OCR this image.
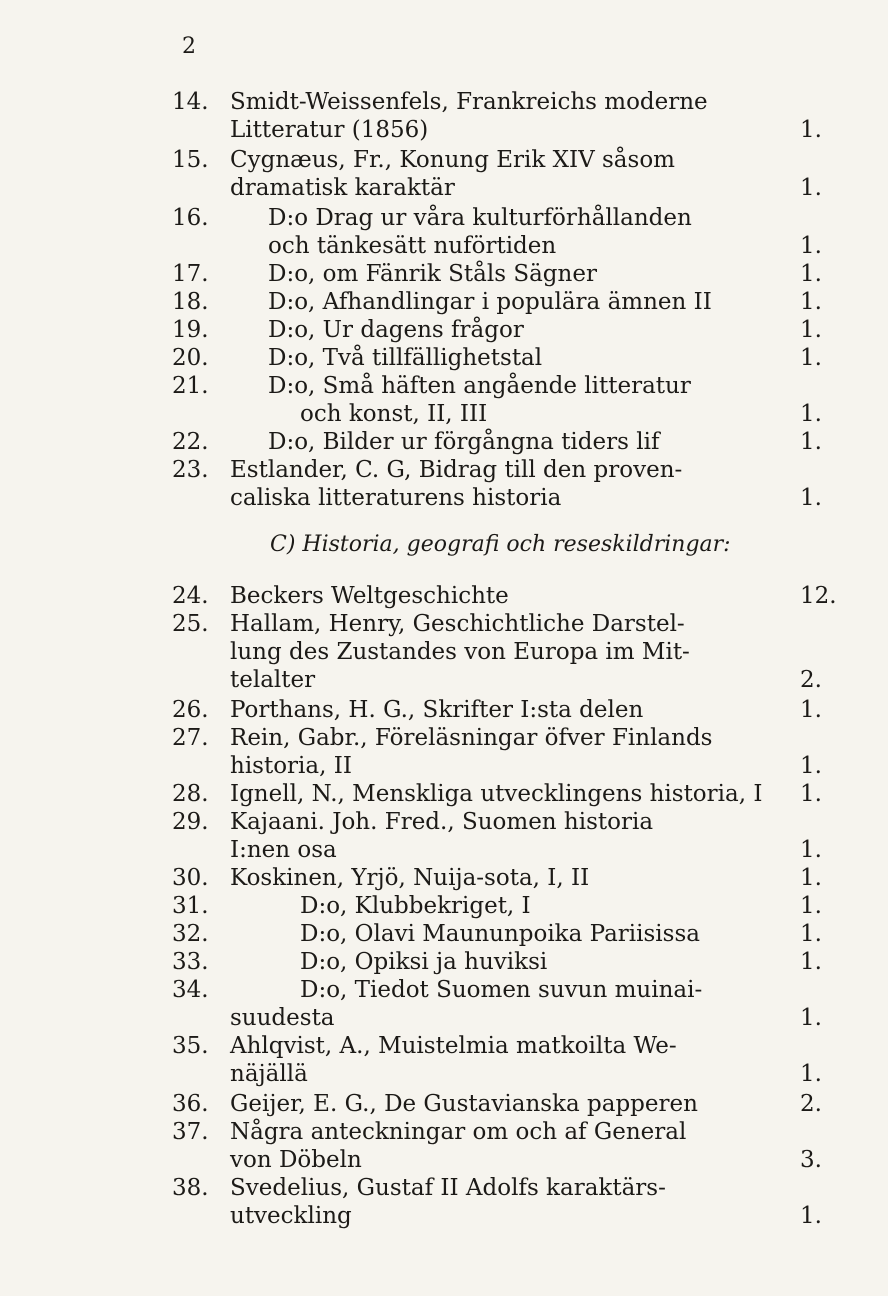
2
14. Smidt-Weissenfels, Frankreichs moderne
Litteratur (1856)	1.
15. Cygnæus, Fr., Konung Erik XIV såsom
dramatisk karaktär	1.
16.	D:o Drag ur våra kulturförhållanden
och tänkesätt nuförtiden	1.
17.	D:o, om Fänrik Ståls Sägner	1.
18.	D:o, Afhandlingar i populära ämnen II	1.
19.	D:o, Ur dagens frågor	1.
20.	D:o, Två tillfällighetstal	1.
21.	D:o, Små häften angående litteratur
och konst, II, III	1.
22.	D:o, Bilder ur förgångna tiders lif	1.
23. Estlander, C. G, Bidrag till den proven-
caliska litteraturens historia	1.
24. Beckers Weltgeschichte	12.
25. Hallam, Henry, Geschichtliche Darstel-
lung des Zustandes von Europa im Mit-
telalter	2.
26. Porthans, H. G., Skrifter I:sta delen	1.
27. Rein, Gabr., Föreläsningar öfver Finlands
historia, II	1.
28. Ignell, N., Menskliga utvecklingens historia, I	1.
29. Kajaani. Joh. Fred., Suomen historia
I:nen osa	1.
30. Koskinen, Yrjö, Nuija-sota, I, II	1.
31.	D:o, Klubbekriget, I	1.
32.	D:o, Olavi Maununpoika Pariisissa	1.
33.	D:o, Opiksi ja huviksi	1.
34.	D:o, Tiedot Suomen suvun muinai-
suudesta	1.
35. Ahlqvist, A., Muistelmia matkoilta We-
näjällä	1.
36. Geijer, E. G., De Gustavianska papperen	2.
37. Några anteckningar om och af General
von Döbeln	3.
38. Svedelius, Gustaf II Adolfs karaktärs-
utveckling	1.
C) Historia, geografi och reseskildringar:
